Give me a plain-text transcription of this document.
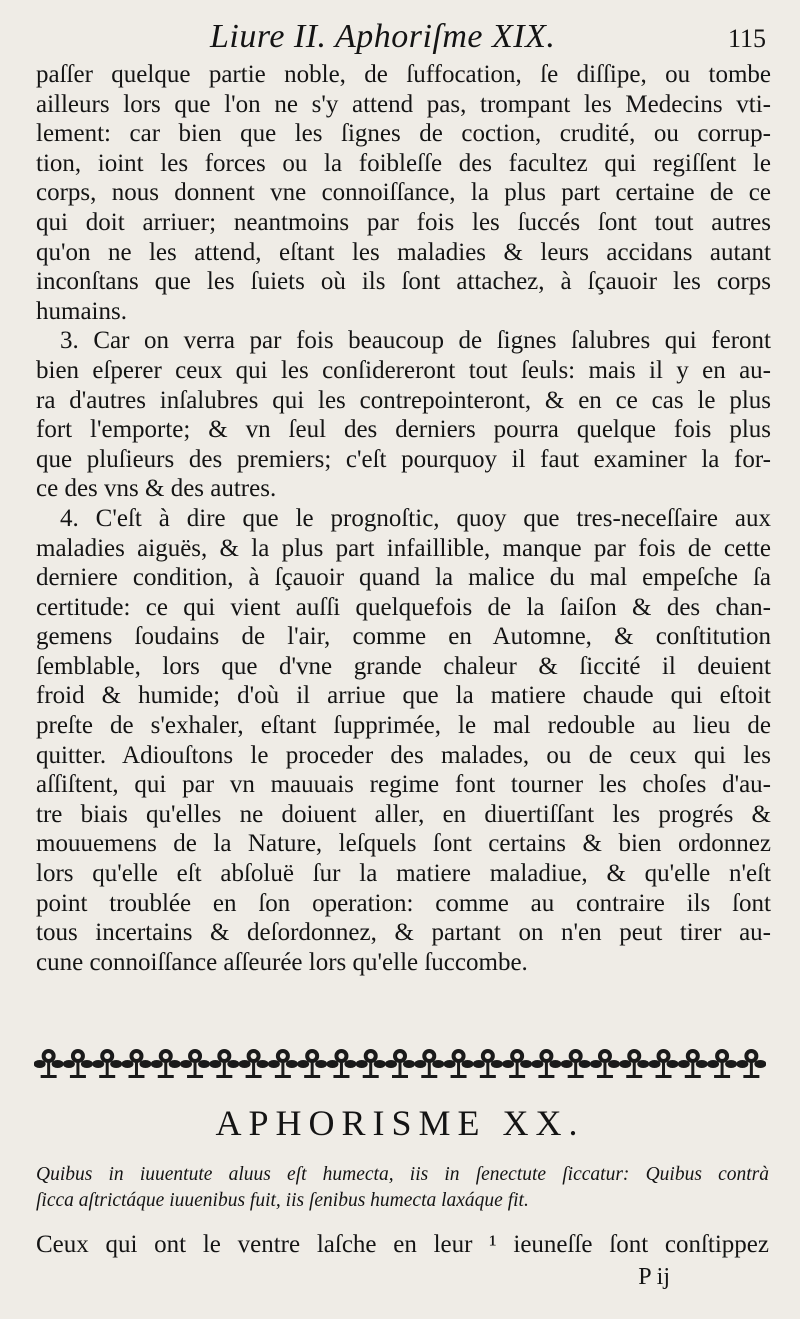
Liure II. Aphoriſme XIX.	115
paſſer quelque partie noble, de ſuffocation, ſe diſſipe, ou tombe
ailleurs lors que l'on ne s'y attend pas, trompant les Medecins vti-
lement: car bien que les ſignes de coction, crudité, ou corrup-
tion, ioint les forces ou la foibleſſe des facultez qui regiſſent le
corps, nous donnent vne connoiſſance, la plus part certaine de ce
qui doit arriuer; neantmoins par fois les ſuccés ſont tout autres
qu'on ne les attend, eſtant les maladies & leurs accidans autant
inconſtans que les ſuiets où ils ſont attachez, à ſçauoir les corps
humains.
3. Car on verra par fois beaucoup de ſignes ſalubres qui feront
bien eſperer ceux qui les conſidereront tout ſeuls: mais il y en au-
ra d'autres inſalubres qui les contrepointeront, & en ce cas le plus
fort l'emporte; & vn ſeul des derniers pourra quelque fois plus
que pluſieurs des premiers; c'eſt pourquoy il faut examiner la for-
ce des vns & des autres.
4. C'eſt à dire que le prognoſtic, quoy que tres-neceſſaire aux
maladies aiguës, & la plus part infaillible, manque par fois de cette
derniere condition, à ſçauoir quand la malice du mal empeſche ſa
certitude: ce qui vient auſſi quelquefois de la ſaiſon & des chan-
gemens ſoudains de l'air, comme en Automne, & conſtitution
ſemblable, lors que d'vne grande chaleur & ſiccité il deuient
froid & humide; d'où il arriue que la matiere chaude qui eſtoit
preſte de s'exhaler, eſtant ſupprimée, le mal redouble au lieu de
quitter. Adiouſtons le proceder des malades, ou de ceux qui les
aſſiſtent, qui par vn mauuais regime font tourner les choſes d'au-
tre biais qu'elles ne doiuent aller, en diuertiſſant les progrés &
mouuemens de la Nature, leſquels ſont certains & bien ordonnez
lors qu'elle eſt abſoluë ſur la matiere maladiue, & qu'elle n'eſt
point troublée en ſon operation: comme au contraire ils ſont
tous incertains & deſordonnez, & partant on n'en peut tirer au-
cune connoiſſance aſſeurée lors qu'elle ſuccombe.
APHORISME XX.
Quibus in iuuentute aluus eſt humecta, iis in ſenectute ſiccatur: Quibus contrà
ſicca aſtrictáque iuuenibus fuit, iis ſenibus humecta laxáque fit.
Ceux qui ont le ventre laſche en leur ¹ ieuneſſe ſont conſtippez
P ij
